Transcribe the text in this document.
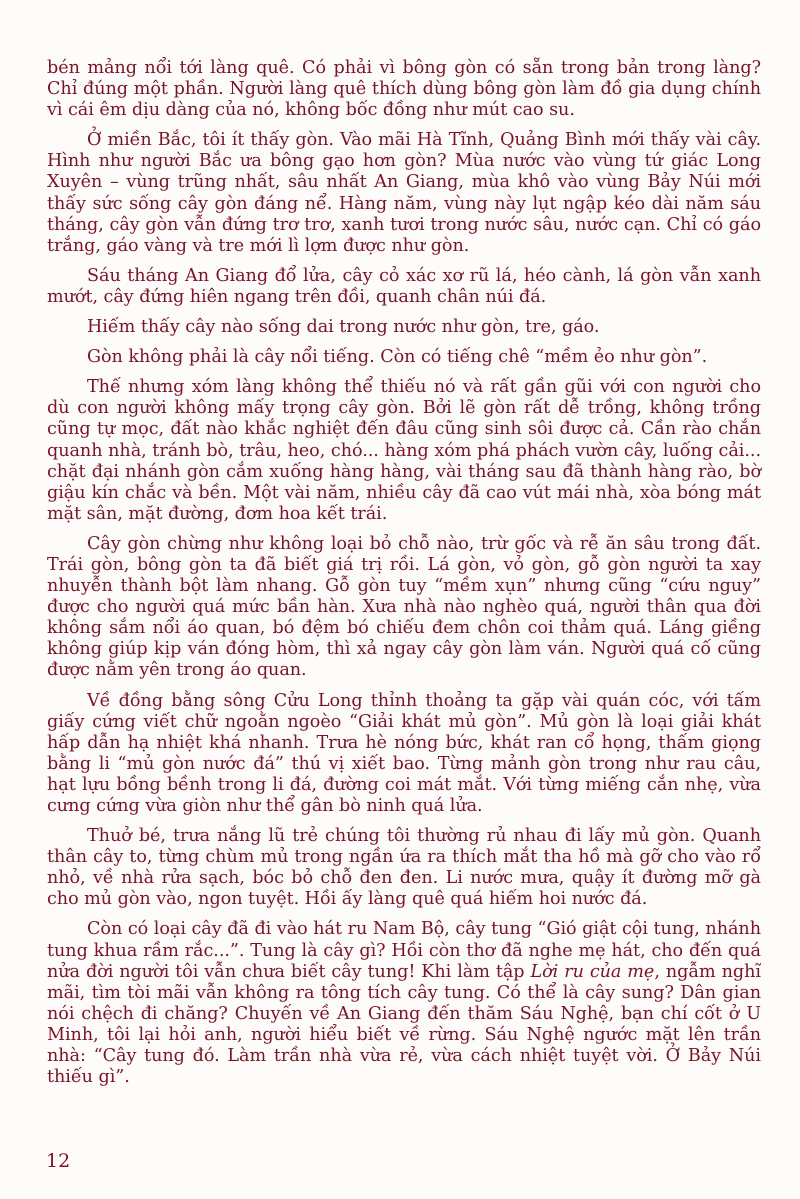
bén mảng nổi tới làng quê. Có phải vì bông gòn có sẵn trong bản trong làng? Chỉ đúng một phần. Người làng quê thích dùng bông gòn làm đồ gia dụng chính vì cái êm dịu dàng của nó, không bốc đồng như mút cao su.

Ở miền Bắc, tôi ít thấy gòn. Vào mãi Hà Tĩnh, Quảng Bình mới thấy vài cây. Hình như người Bắc ưa bông gạo hơn gòn? Mùa nước vào vùng tứ giác Long Xuyên – vùng trũng nhất, sâu nhất An Giang, mùa khô vào vùng Bảy Núi mới thấy sức sống cây gòn đáng nể. Hàng năm, vùng này lụt ngập kéo dài năm sáu tháng, cây gòn vẫn đứng trơ trơ, xanh tươi trong nước sâu, nước cạn. Chỉ có gáo trắng, gáo vàng và tre mới lì lợm được như gòn.

Sáu tháng An Giang đổ lửa, cây cỏ xác xơ rũ lá, héo cành, lá gòn vẫn xanh mướt, cây đứng hiên ngang trên đồi, quanh chân núi đá.

Hiếm thấy cây nào sống dai trong nước như gòn, tre, gáo.

Gòn không phải là cây nổi tiếng. Còn có tiếng chê “mềm ẻo như gòn”.

Thế nhưng xóm làng không thể thiếu nó và rất gần gũi với con người cho dù con người không mấy trọng cây gòn. Bởi lẽ gòn rất dễ trồng, không trồng cũng tự mọc, đất nào khắc nghiệt đến đâu cũng sinh sôi được cả. Cần rào chắn quanh nhà, tránh bò, trâu, heo, chó... hàng xóm phá phách vườn cây, luống cải... chặt đại nhánh gòn cắm xuống hàng hàng, vài tháng sau đã thành hàng rào, bờ giậu kín chắc và bền. Một vài năm, nhiều cây đã cao vút mái nhà, xòa bóng mát mặt sân, mặt đường, đơm hoa kết trái.

Cây gòn chừng như không loại bỏ chỗ nào, trừ gốc và rễ ăn sâu trong đất. Trái gòn, bông gòn ta đã biết giá trị rồi. Lá gòn, vỏ gòn, gỗ gòn người ta xay nhuyễn thành bột làm nhang. Gỗ gòn tuy “mềm xụn” nhưng cũng “cứu nguy” được cho người quá mức bần hàn. Xưa nhà nào nghèo quá, người thân qua đời không sắm nổi áo quan, bó đệm bó chiếu đem chôn coi thảm quá. Láng giềng không giúp kịp ván đóng hòm, thì xả ngay cây gòn làm ván. Người quá cố cũng được nằm yên trong áo quan.

Về đồng bằng sông Cửu Long thỉnh thoảng ta gặp vài quán cóc, với tấm giấy cứng viết chữ ngoằn ngoèo “Giải khát mủ gòn”. Mủ gòn là loại giải khát hấp dẫn hạ nhiệt khá nhanh. Trưa hè nóng bức, khát ran cổ họng, thấm giọng bằng li “mủ gòn nước đá” thú vị xiết bao. Từng mảnh gòn trong như rau câu, hạt lựu bồng bềnh trong li đá, đường coi mát mắt. Với từng miếng cắn nhẹ, vừa cưng cứng vừa giòn như thể gân bò ninh quá lửa.

Thuở bé, trưa nắng lũ trẻ chúng tôi thường rủ nhau đi lấy mủ gòn. Quanh thân cây to, từng chùm mủ trong ngần ứa ra thích mắt tha hồ mà gỡ cho vào rổ nhỏ, về nhà rửa sạch, bóc bỏ chỗ đen đen. Li nước mưa, quậy ít đường mỡ gà cho mủ gòn vào, ngon tuyệt. Hồi ấy làng quê quá hiếm hoi nước đá.

Còn có loại cây đã đi vào hát ru Nam Bộ, cây tung “Gió giật cội tung, nhánh tung khua rầm rắc...”. Tung là cây gì? Hồi còn thơ đã nghe mẹ hát, cho đến quá nửa đời người tôi vẫn chưa biết cây tung! Khi làm tập Lời ru của mẹ, ngẫm nghĩ mãi, tìm tòi mãi vẫn không ra tông tích cây tung. Có thể là cây sung? Dân gian nói chệch đi chăng? Chuyến về An Giang đến thăm Sáu Nghệ, bạn chí cốt ở U Minh, tôi lại hỏi anh, người hiểu biết về rừng. Sáu Nghệ ngước mặt lên trần nhà: “Cây tung đó. Làm trần nhà vừa rẻ, vừa cách nhiệt tuyệt vời. Ở Bảy Núi thiếu gì”.

12
